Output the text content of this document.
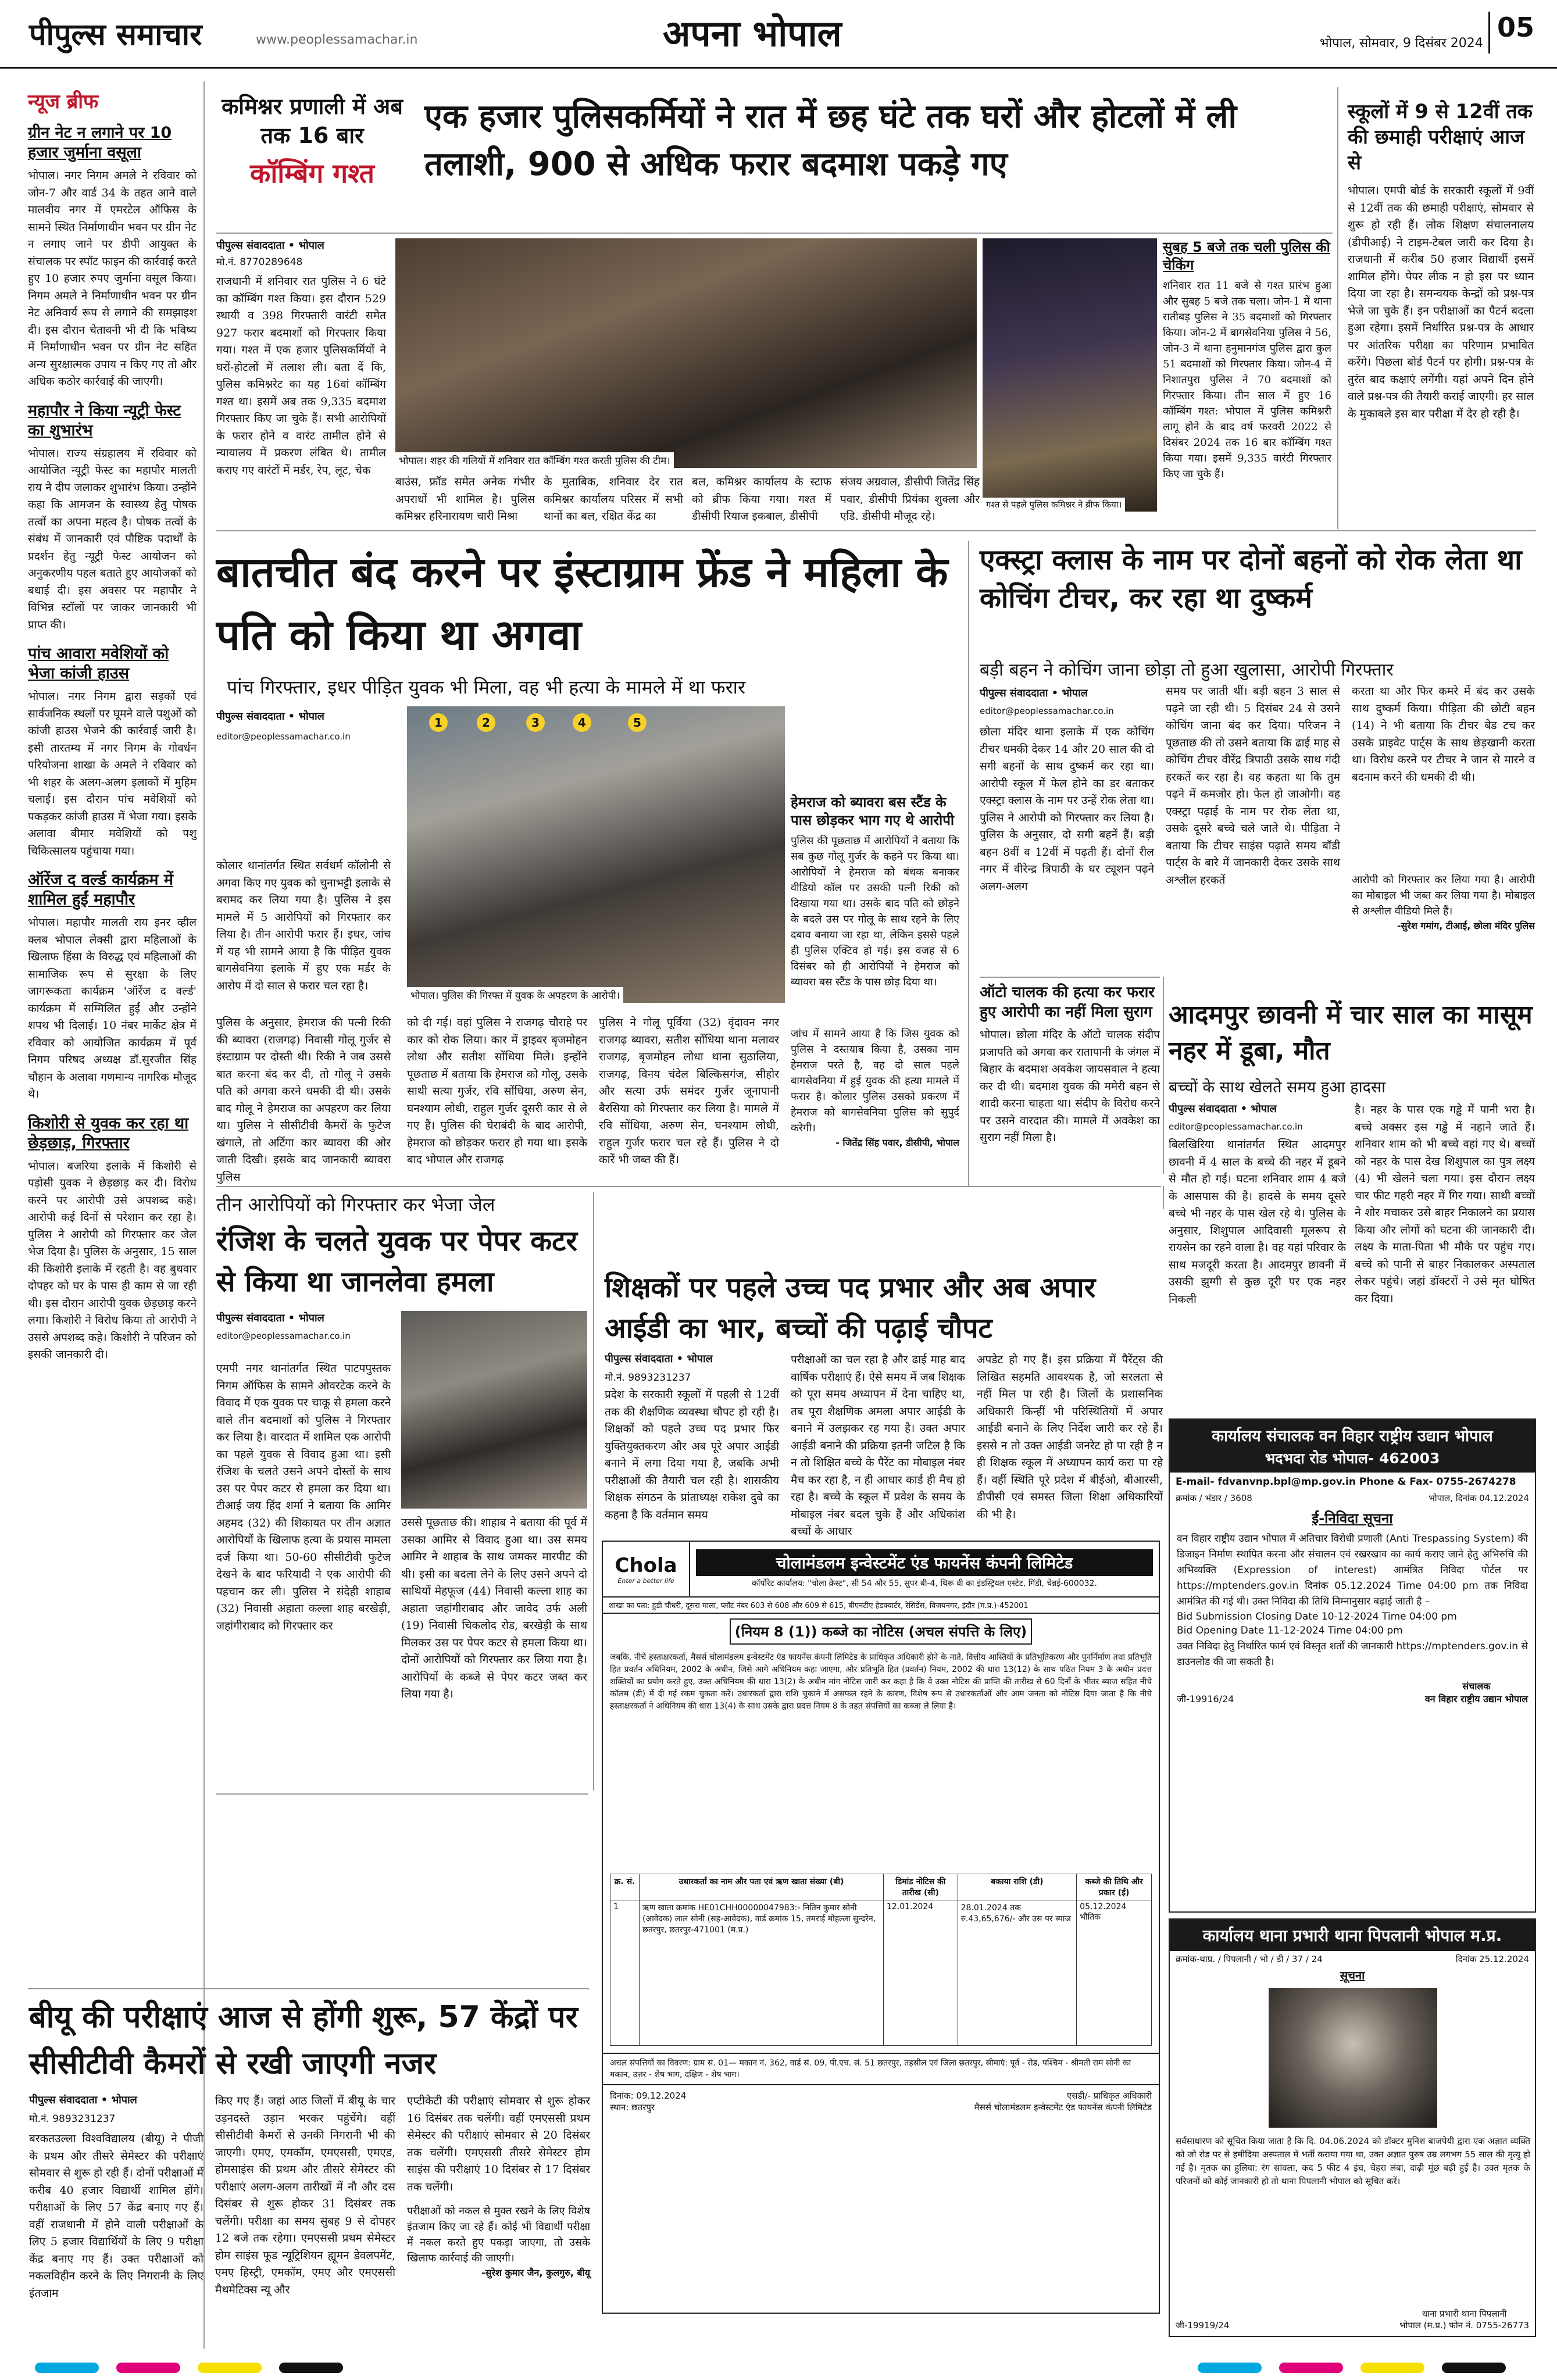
पीपुल्स समाचार	www.peoplessamachar.in	अपना भोपाल	भोपाल, सोमवार, 9 दिसंबर 2024
05
न्यूज ब्रीफ
ग्रीन नेट न लगाने पर 10 हजार जुर्माना वसूला
भोपाल। नगर निगम अमले ने रविवार को जोन-7 और वार्ड 34 के तहत आने वाले मालवीय नगर में एमरटेल ऑफिस के सामने स्थित निर्माणाधीन भवन पर ग्रीन नेट न लगाए जाने पर डीपी आयुक्त के संचालक पर स्पॉट फाइन की कार्रवाई करते हुए 10 हजार रुपए जुर्माना वसूल किया। निगम अमले ने निर्माणाधीन भवन पर ग्रीन नेट अनिवार्य रूप से लगाने की समझाइश दी। इस दौरान चेतावनी भी दी कि भविष्य में निर्माणाधीन भवन पर ग्रीन नेट सहित अन्य सुरक्षात्मक उपाय न किए गए तो और अधिक कठोर कार्रवाई की जाएगी।
महापौर ने किया न्यूट्री फेस्ट का शुभारंभ
भोपाल। राज्य संग्रहालय में रविवार को आयोजित न्यूट्री फेस्ट का महापौर मालती राय ने दीप जलाकर शुभारंभ किया। उन्होंने कहा कि आमजन के स्वास्थ्य हेतु पोषक तत्वों का अपना महत्व है। पोषक तत्वों के संबंध में जानकारी एवं पौष्टिक पदार्थों के प्रदर्शन हेतु न्यूट्री फेस्ट आयोजन को अनुकरणीय पहल बताते हुए आयोजकों को बधाई दी। इस अवसर पर महापौर ने विभिन्न स्टॉलों पर जाकर जानकारी भी प्राप्त की।
पांच आवारा मवेशियों को भेजा कांजी हाउस
भोपाल। नगर निगम द्वारा सड़कों एवं सार्वजनिक स्थलों पर घूमने वाले पशुओं को कांजी हाउस भेजने की कार्रवाई जारी है। इसी तारतम्य में नगर निगम के गोवर्धन परियोजना शाखा के अमले ने रविवार को भी शहर के अलग-अलग इलाकों में मुहिम चलाई। इस दौरान पांच मवेशियों को पकड़कर कांजी हाउस में भेजा गया। इसके अलावा बीमार मवेशियों को पशु चिकित्सालय पहुंचाया गया।
ऑरेंज द वर्ल्ड कार्यक्रम में शामिल हुईं महापौर
भोपाल। महापौर मालती राय इनर व्हील क्लब भोपाल लेक्सी द्वारा महिलाओं के खिलाफ हिंसा के विरुद्ध एवं महिलाओं की सामाजिक रूप से सुरक्षा के लिए जागरूकता कार्यक्रम 'ऑरेंज द वर्ल्ड' कार्यक्रम में सम्मिलित हुईं और उन्होंने शपथ भी दिलाई। 10 नंबर मार्केट क्षेत्र में रविवार को आयोजित कार्यक्रम में पूर्व निगम परिषद अध्यक्ष डॉ.सुरजीत सिंह चौहान के अलावा गणमान्य नागरिक मौजूद थे।
किशोरी से युवक कर रहा था छेड़छाड़, गिरफ्तार
भोपाल। बजरिया इलाके में किशोरी से पड़ोसी युवक ने छेड़छाड़ कर दी। विरोध करने पर आरोपी उसे अपशब्द कहे। आरोपी कई दिनों से परेशान कर रहा है। पुलिस ने आरोपी को गिरफ्तार कर जेल भेज दिया है। पुलिस के अनुसार, 15 साल की किशोरी इलाके में रहती है। वह बुधवार दोपहर को घर के पास ही काम से जा रही थी। इस दौरान आरोपी युवक छेड़छाड़ करने लगा। किशोरी ने विरोध किया तो आरोपी ने उससे अपशब्द कहे। किशोरी ने परिजन को इसकी जानकारी दी।
कमिश्नर प्रणाली में अब तक 16 बार
कॉम्बिंग गश्त
एक हजार पुलिसकर्मियों ने रात में छह घंटे तक घरों और होटलों में ली तलाशी, 900 से अधिक फरार बदमाश पकड़े गए
पीपुल्स संवाददाता • भोपाल
मो.नं. 8770289648
राजधानी में शनिवार रात पुलिस ने 6 घंटे का कॉम्बिंग गश्त किया। इस दौरान 529 स्थायी व 398 गिरफ्तारी वारंटी समेत 927 फरार बदमाशों को गिरफ्तार किया गया। गश्त में एक हजार पुलिसकर्मियों ने घरों-होटलों में तलाश ली। बता दें कि, पुलिस कमिश्नरेट का यह 16वां कॉम्बिंग गश्त था। इसमें अब तक 9,335 बदमाश गिरफ्तार किए जा चुके हैं। सभी आरोपियों के फरार होने व वारंट तामील होने से न्यायालय में प्रकरण लंबित थे। तामील कराए गए वारंटों में मर्डर, रेप, लूट, चेक
भोपाल। शहर की गलियों में शनिवार रात कॉम्बिंग गश्त करती पुलिस की टीम।
गश्त से पहले पुलिस कमिश्नर ने ब्रीफ किया।
बाउंस, फ्रॉड समेत अनेक गंभीर अपराधों भी शामिल है। पुलिस कमिश्नर हरिनारायण चारी मिश्रा
के मुताबिक, शनिवार देर रात कमिश्नर कार्यालय परिसर में सभी थानों का बल, रक्षित केंद्र का
बल, कमिश्नर कार्यालय के स्टाफ को ब्रीफ किया गया। गश्त में डीसीपी रियाज इकबाल, डीसीपी
संजय अग्रवाल, डीसीपी जितेंद्र सिंह पवार, डीसीपी प्रियंका शुक्ला और एडि. डीसीपी मौजूद रहे।
सुबह 5 बजे तक चली पुलिस की चेकिंग
शनिवार रात 11 बजे से गश्त प्रारंभ हुआ और सुबह 5 बजे तक चला। जोन-1 में थाना रातीबड़ पुलिस ने 35 बदमाशों को गिरफ्तार किया। जोन-2 में बागसेवनिया पुलिस ने 56, जोन-3 में थाना हनुमानगंज पुलिस द्वारा कुल 51 बदमाशों को गिरफ्तार किया। जोन-4 में निशातपुरा पुलिस ने 70 बदमाशों को गिरफ्तार किया। तीन साल में हुए 16 कॉम्बिंग गश्त: भोपाल में पुलिस कमिश्नरी लागू होने के बाद वर्ष फरवरी 2022 से दिसंबर 2024 तक 16 बार कॉम्बिंग गश्त किया गया। इसमें 9,335 वारंटी गिरफ्तार किए जा चुके हैं।
स्कूलों में 9 से 12वीं तक की छमाही परीक्षाएं आज से
भोपाल। एमपी बोर्ड के सरकारी स्कूलों में 9वीं से 12वीं तक की छमाही परीक्षाएं, सोमवार से शुरू हो रही हैं। लोक शिक्षण संचालनालय (डीपीआई) ने टाइम-टेबल जारी कर दिया है। राजधानी में करीब 50 हजार विद्यार्थी इसमें शामिल होंगे। पेपर लीक न हो इस पर ध्यान दिया जा रहा है। समन्वयक केन्द्रों को प्रश्न-पत्र भेजे जा चुके हैं। इन परीक्षाओं का पैटर्न बदला हुआ रहेगा। इसमें निर्धारित प्रश्न-पत्र के आधार पर आंतरिक परीक्षा का परिणाम प्रभावित करेंगे। पिछला बोर्ड पैटर्न पर होगी। प्रश्न-पत्र के तुरंत बाद कक्षाएं लगेंगी। यहां अपने दिन होने वाले प्रश्न-पत्र की तैयारी कराई जाएगी। हर साल के मुकाबले इस बार परीक्षा में देर हो रही है।
बातचीत बंद करने पर इंस्टाग्राम फ्रेंड ने महिला के पति को किया था अगवा
पांच गिरफ्तार, इधर पीड़ित युवक भी मिला, वह भी हत्या के मामले में था फरार
पीपुल्स संवाददाता • भोपाल
editor@peoplessamachar.co.in
1	2	3	4	5
भोपाल। पुलिस की गिरफ्त में युवक के अपहरण के आरोपी।
हेमराज को ब्यावरा बस स्टैंड के पास छोड़कर भाग गए थे आरोपी
पुलिस की पूछताछ में आरोपियों ने बताया कि सब कुछ गोलू गुर्जर के कहने पर किया था। आरोपियों ने हेमराज को बंधक बनाकर वीडियो कॉल पर उसकी पत्नी रिकी को दिखाया गया था। उसके बाद पति को छोड़ने के बदले उस पर गोलू के साथ रहने के लिए दबाव बनाया जा रहा था, लेकिन इससे पहले ही पुलिस एक्टिव हो गई। इस वजह से 6 दिसंबर को ही आरोपियों ने हेमराज को ब्यावरा बस स्टैंड के पास छोड़ दिया था।
कोलार थानांतर्गत स्थित सर्वधर्म कॉलोनी से अगवा किए गए युवक को चुनाभट्टी इलाके से बरामद कर लिया गया है। पुलिस ने इस मामले में 5 आरोपियों को गिरफ्तार कर लिया है। तीन आरोपी फरार हैं। इधर, जांच में यह भी सामने आया है कि पीड़ित युवक बागसेवनिया इलाके में हुए एक मर्डर के आरोप में दो साल से फरार चल रहा है।
पुलिस के अनुसार, हेमराज की पत्नी रिकी की ब्यावरा (राजगढ़) निवासी गोलू गुर्जर से इंस्टाग्राम पर दोस्ती थी। रिकी ने जब उससे बात करना बंद कर दी, तो गोलू ने उसके पति को अगवा करने धमकी दी थी। उसके बाद गोलू ने हेमराज का अपहरण कर लिया था। पुलिस ने सीसीटीवी कैमरों के फुटेज खंगाले, तो अर्टिगा कार ब्यावरा की ओर जाती दिखी। इसके बाद जानकारी ब्यावरा पुलिस
को दी गई। वहां पुलिस ने राजगढ़ चौराहे पर कार को रोक लिया। कार में ड्राइवर बृजमोहन लोधा और सतीश सोंधिया मिले। इन्होंने पूछताछ में बताया कि हेमराज को गोलू, उसके साथी सत्या गुर्जर, रवि सोंधिया, अरुण सेन, घनश्याम लोधी, राहुल गुर्जर दूसरी कार से ले गए हैं। पुलिस की घेराबंदी के बाद आरोपी, हेमराज को छोड़कर फरार हो गया था। इसके बाद भोपाल और राजगढ़
पुलिस ने गोलू पूर्विया (32) वृंदावन नगर राजगढ़ ब्यावरा, सतीश सोंधिया थाना मलावर राजगढ़, बृजमोहन लोधा थाना सुठालिया, राजगढ़, विनय चंदेल बिल्किसगंज, सीहोर और सत्या उर्फ समंदर गुर्जर जूनापानी बैरसिया को गिरफ्तार कर लिया है। मामले में रवि सोंधिया, अरुण सेन, घनश्याम लोधी, राहुल गुर्जर फरार चल रहे हैं। पुलिस ने दो कारें भी जब्त की हैं।
जांच में सामने आया है कि जिस युवक को पुलिस ने दस्तयाब किया है, उसका नाम हेमराज परते है, वह दो साल पहले बागसेवनिया में हुई युवक की हत्या मामले में फरार है। कोलार पुलिस उसको प्रकरण में हेमराज को बागसेवनिया पुलिस को सुपुर्द करेगी।
- जितेंद्र सिंह पवार, डीसीपी, भोपाल
एक्स्ट्रा क्लास के नाम पर दोनों बहनों को रोक लेता था कोचिंग टीचर, कर रहा था दुष्कर्म
बड़ी बहन ने कोचिंग जाना छोड़ा तो हुआ खुलासा, आरोपी गिरफ्तार
पीपुल्स संवाददाता • भोपाल
editor@peoplessamachar.co.in
छोला मंदिर थाना इलाके में एक कोचिंग टीचर धमकी देकर 14 और 20 साल की दो सगी बहनों के साथ दुष्कर्म कर रहा था। आरोपी स्कूल में फेल होने का डर बताकर एक्स्ट्रा क्लास के नाम पर उन्हें रोक लेता था। पुलिस ने आरोपी को गिरफ्तार कर लिया है। पुलिस के अनुसार, दो सगी बहनें हैं। बड़ी बहन 8वीं व 12वीं में पढ़ती हैं। दोनों रील नगर में वीरेन्द्र त्रिपाठी के घर ट्यूशन पढ़ने अलग-अलग
समय पर जाती थीं। बड़ी बहन 3 साल से पढ़ने जा रही थी। 5 दिसंबर 24 से उसने कोचिंग जाना बंद कर दिया। परिजन ने पूछताछ की तो उसने बताया कि ढाई माह से कोचिंग टीचर वीरेंद्र त्रिपाठी उसके साथ गंदी हरकतें कर रहा है। वह कहता था कि तुम पढ़ने में कमजोर हो। फेल हो जाओगी। वह एक्स्ट्रा पढ़ाई के नाम पर रोक लेता था, उसके दूसरे बच्चे चले जाते थे। पीड़िता ने बताया कि टीचर साइंस पढ़ाते समय बॉडी पार्ट्स के बारे में जानकारी देकर उसके साथ अश्लील हरकतें
करता था और फिर कमरे में बंद कर उसके साथ दुष्कर्म किया। पीड़िता की छोटी बहन (14) ने भी बताया कि टीचर बेड टच कर उसके प्राइवेट पार्ट्स के साथ छेड़खानी करता था। विरोध करने पर टीचर ने जान से मारने व बदनाम करने की धमकी दी थी।
आरोपी को गिरफ्तार कर लिया गया है। आरोपी का मोबाइल भी जब्त कर लिया गया है। मोबाइल से अश्लील वीडियो मिले हैं।
-सुरेश गमांग, टीआई, छोला मंदिर पुलिस
ऑटो चालक की हत्या कर फरार हुए आरोपी का नहीं मिला सुराग
भोपाल। छोला मंदिर के ऑटो चालक संदीप प्रजापति को अगवा कर रातापानी के जंगल में बिहार के बदमाश अवकेश जायसवाल ने हत्या कर दी थी। बदमाश युवक की ममेरी बहन से शादी करना चाहता था। संदीप के विरोध करने पर उसने वारदात की। मामले में अवकेश का सुराग नहीं मिला है।
आदमपुर छावनी में चार साल का मासूम नहर में डूबा, मौत
बच्चों के साथ खेलते समय हुआ हादसा
पीपुल्स संवाददाता • भोपाल
editor@peoplessamachar.co.in
बिलखिरिया थानांतर्गत स्थित आदमपुर छावनी में 4 साल के बच्चे की नहर में डूबने से मौत हो गई। घटना शनिवार शाम 4 बजे के आसपास की है। हादसे के समय दूसरे बच्चे भी नहर के पास खेल रहे थे। पुलिस के अनुसार, शिशुपाल आदिवासी मूलरूप से रायसेन का रहने वाला है। वह यहां परिवार के साथ मजदूरी करता है। आदमपुर छावनी में उसकी झुग्गी से कुछ दूरी पर एक नहर निकली
है। नहर के पास एक गड्ढे में पानी भरा है। बच्चे अक्सर इस गड्ढे में नहाने जाते हैं। शनिवार शाम को भी बच्चे वहां गए थे। बच्चों को नहर के पास देख शिशुपाल का पुत्र लक्ष्य (4) भी खेलने चला गया। इस दौरान लक्ष्य चार फीट गहरी नहर में गिर गया। साथी बच्चों ने शोर मचाकर उसे बाहर निकालने का प्रयास किया और लोगों को घटना की जानकारी दी। लक्ष्य के माता-पिता भी मौके पर पहुंच गए। बच्चे को पानी से बाहर निकालकर अस्पताल लेकर पहुंचे। जहां डॉक्टरों ने उसे मृत घोषित कर दिया।
तीन आरोपियों को गिरफ्तार कर भेजा जेल
रंजिश के चलते युवक पर पेपर कटर से किया था जानलेवा हमला
पीपुल्स संवाददाता • भोपाल
editor@peoplessamachar.co.in
एमपी नगर थानांतर्गत स्थित पाटपपुस्तक निगम ऑफिस के सामने ओवरटेक करने के विवाद में एक युवक पर चाकू से हमला करने वाले तीन बदमाशों को पुलिस ने गिरफ्तार कर लिया है। वारदात में शामिल एक आरोपी का पहले युवक से विवाद हुआ था। इसी रंजिश के चलते उसने अपने दोस्तों के साथ उस पर पेपर कटर से हमला कर दिया था। टीआई जय हिंद शर्मा ने बताया कि आमिर अहमद (32) की शिकायत पर तीन अज्ञात आरोपियों के खिलाफ हत्या के प्रयास मामला दर्ज किया था। 50-60 सीसीटीवी फुटेज देखने के बाद फरियादी ने एक आरोपी की पहचान कर ली। पुलिस ने संदेही शाहाब (32) निवासी अहाता कल्ला शाह बरखेड़ी, जहांगीराबाद को गिरफ्तार कर
उससे पूछताछ की। शाहाब ने बताया की पूर्व में उसका आमिर से विवाद हुआ था। उस समय आमिर ने शाहाब के साथ जमकर मारपीट की थी। इसी का बदला लेने के लिए उसने अपने दो साथियों मेहफूज (44) निवासी कल्ला शाह का अहाता जहांगीराबाद और जावेद उर्फ अली (19) निवासी चिकलोद रोड, बरखेड़ी के साथ मिलकर उस पर पेपर कटर से हमला किया था। दोनों आरोपियों को गिरफ्तार कर लिया गया है। आरोपियों के कब्जे से पेपर कटर जब्त कर लिया गया है।
शिक्षकों पर पहले उच्च पद प्रभार और अब अपार आईडी का भार, बच्चों की पढ़ाई चौपट
पीपुल्स संवाददाता • भोपाल
मो.नं. 9893231237
प्रदेश के सरकारी स्कूलों में पहली से 12वीं तक की शैक्षणिक व्यवस्था चौपट हो रही है। शिक्षकों को पहले उच्च पद प्रभार फिर युक्तियुक्तकरण और अब पूरे अपार आईडी बनाने में लगा दिया गया है, जबकि अभी परीक्षाओं की तैयारी चल रही है। शासकीय शिक्षक संगठन के प्रांताध्यक्ष राकेश दुबे का कहना है कि वर्तमान समय
परीक्षाओं का चल रहा है और ढाई माह बाद वार्षिक परीक्षाएं हैं। ऐसे समय में जब शिक्षक को पूरा समय अध्यापन में देना चाहिए था, तब पूरा शैक्षणिक अमला अपार आईडी के बनाने में उलझकर रह गया है। उक्त अपार आईडी बनाने की प्रक्रिया इतनी जटिल है कि न तो शिक्षित बच्चे के पैरेंट का मोबाइल नंबर मैच कर रहा है, न ही आधार कार्ड ही मैच हो रहा है। बच्चे के स्कूल में प्रवेश के समय के मोबाइल नंबर बदल चुके हैं और अधिकांश बच्चों के आधार
अपडेट हो गए हैं। इस प्रक्रिया में पैरेंट्स की लिखित सहमति आवश्यक है, जो सरलता से नहीं मिल पा रही है। जिलों के प्रशासनिक अधिकारी किन्हीं भी परिस्थितियों में अपार आईडी बनाने के लिए निर्देश जारी कर रहे हैं। इससे न तो उक्त आईडी जनरेट हो पा रही है न ही शिक्षक स्कूल में अध्यापन कार्य करा पा रहे हैं। वहीं स्थिति पूरे प्रदेश में बीईओ, बीआरसी, डीपीसी एवं समस्त जिला शिक्षा अधिकारियों की भी है।
Chola
Enter a better life
चोलामंडलम इन्वेस्टमेंट एंड फायनेंस कंपनी लिमिटेड
कॉर्पोरेट कार्यालय: "चोला क्रेस्ट", सी 54 और 55, सुपर बी-4, थिरू वी का इंडस्ट्रियल एस्टेट, गिंडी, चेन्नई-600032.
शाखा का पता: हुडी चौधरी, दूसरा माला, प्लॉट नंबर 603 से 608 और 609 से 615, बीएनटीए हेडक्वार्टर, रेसिडेंस, विजयनगर, इंदौर (म.प्र.)-452001
(नियम 8 (1)) कब्जे का नोटिस (अचल संपत्ति के लिए)
जबकि, नीचे हस्ताक्षरकर्ता, मैसर्स चोलामंडलम इन्वेस्टमेंट एंड फायनेंस कंपनी लिमिटेड के प्राधिकृत अधिकारी होने के नाते, वित्तीय आस्तियों के प्रतिभूतिकरण और पुनर्निर्माण तथा प्रतिभूति हित प्रवर्तन अधिनियम, 2002 के अधीन, जिसे आगे अधिनियम कहा जाएगा, और प्रतिभूति हित (प्रवर्तन) नियम, 2002 की धारा 13(12) के साथ पठित नियम 3 के अधीन प्रदत्त शक्तियों का प्रयोग करते हुए, उक्त अधिनियम की धारा 13(2) के अधीन मांग नोटिस जारी कर कहा है कि वे उक्त नोटिस की प्राप्ति की तारीख से 60 दिनों के भीतर ब्याज सहित नीचे कॉलम (डी) में दी गई रकम चुकता करें। उधारकर्ता द्वारा राशि चुकाने में असफल रहने के कारण, विशेष रूप से उधारकर्ताओं और आम जनता को नोटिस दिया जाता है कि नीचे हस्ताक्षरकर्ता ने अधिनियम की धारा 13(4) के साथ उसके द्वारा प्रदत्त नियम 8 के तहत संपत्तियों का कब्जा ले लिया है।
क्र. सं.	उधारकर्ता का नाम और पता एवं ऋण खाता संख्या (बी)	डिमांड नोटिस की तारीख (सी)	बकाया राशि (डी)	कब्जे की तिथि और प्रकार (ई)
1	ऋण खाता क्रमांक HE01CHH00000047983:- नितिन कुमार सोनी (आवेदक) लाल सोनी (सह-आवेदक), वार्ड क्रमांक 15, तमराई मोहल्ला सुन्दरेन, छतरपुर, छतरपुर-471001 (म.प्र.)	12.01.2024	28.01.2024 तक रु.43,65,676/- और उस पर ब्याज	05.12.2024 भौतिक
अचल संपत्तियों का विवरण: ग्राम सं. 01— मकान नं. 362, वार्ड सं. 09, पी.एच. सं. 51 छतरपुर, तहसील एवं जिला छतरपुर, सीमाएं: पूर्व - रोड, पश्चिम - श्रीमती राम सोनी का मकान, उत्तर - शेष भाग, दक्षिण - शेष भाग।
दिनांक: 09.12.2024
स्थान: छतरपुर
एसडी/- प्राधिकृत अधिकारी
मैसर्स चोलामंडलम इन्वेस्टमेंट एंड फायनेंस कंपनी लिमिटेड
कार्यालय संचालक वन विहार राष्ट्रीय उद्यान भोपाल
भदभदा रोड भोपाल- 462003
E-mail- fdvanvnp.bpl@mp.gov.in Phone & Fax- 0755-2674278
क्रमांक / भंडार / 3608	भोपाल, दिनांक 04.12.2024
ई-निविदा सूचना
वन विहार राष्ट्रीय उद्यान भोपाल में अतिचार विरोधी प्रणाली (Anti Trespassing System) की डिजाइन निर्माण स्थापित करना और संचालन एवं रखरखाव का कार्य कराए जाने हेतु अभिरुचि की अभिव्यक्ति (Expression of interest) आमंत्रित निविदा पोर्टल पर https://mptenders.gov.in दिनांक 05.12.2024 Time 04:00 pm तक निविदा आमंत्रित की गई थी। उक्त निविदा की तिथि निम्नानुसार बढ़ाई जाती है –
Bid Submission Closing Date 10-12-2024 Time 04:00 pm
Bid Opening Date 11-12-2024 Time 04:00 pm
उक्त निविदा हेतु निर्धारित फार्म एवं विस्तृत शर्तों की जानकारी https://mptenders.gov.in से डाउनलोड की जा सकती है।
जी-19916/24
संचालक
वन विहार राष्ट्रीय उद्यान भोपाल
कार्यालय थाना प्रभारी थाना पिपलानी भोपाल म.प्र.
क्रमांक-थाप्र. / पिपलानी / भो / डी / 37 / 24	दिनांक 25.12.2024
सूचना
सर्वसाधारण को सूचित किया जाता है कि दि. 04.06.2024 को डॉक्टर मुनिश बाजपेयी द्वारा एक अज्ञात व्यक्ति को जो रोड पर से हमीदिया अस्पताल में भर्ती कराया गया था, उक्त अज्ञात पुरुष उम्र लगभग 55 साल की मृत्यु हो गई है। मृतक का हुलिया: रंग सांवला, कद 5 फीट 4 इंच, चेहरा लंबा, दाढ़ी मूंछ बढ़ी हुई है। उक्त मृतक के परिजनों को कोई जानकारी हो तो थाना पिपलानी भोपाल को सूचित करें।
जी-19919/24
थाना प्रभारी थाना पिपलानी
भोपाल (म.प्र.) फोन नं. 0755-26773
बीयू की परीक्षाएं आज से होंगी शुरू, 57 केंद्रों पर सीसीटीवी कैमरों से रखी जाएगी नजर
पीपुल्स संवाददाता • भोपाल
मो.नं. 9893231237
बरकतउल्ला विश्वविद्यालय (बीयू) ने पीजी के प्रथम और तीसरे सेमेस्टर की परीक्षाएं सोमवार से शुरू हो रही हैं। दोनों परीक्षाओं में करीब 40 हजार विद्यार्थी शामिल होंगे। परीक्षाओं के लिए 57 केंद्र बनाए गए हैं। वहीं राजधानी में होने वाली परीक्षाओं के लिए 5 हजार विद्यार्थियों के लिए 9 परीक्षा केंद्र बनाए गए हैं। उक्त परीक्षाओं को नकलविहीन करने के लिए निगरानी के लिए इंतजाम
किए गए हैं। जहां आठ जिलों में बीयू के चार उड़नदस्ते उड़ान भरकर पहुंचेंगे। वहीं सीसीटीवी कैमरों से उनकी निगरानी भी की जाएगी। एमए, एमकॉम, एमएससी, एमएड, होमसाइंस की प्रथम और तीसरे सेमेस्टर की परीक्षाएं अलग-अलग तारीखों में नौ और दस दिसंबर से शुरू होकर 31 दिसंबर तक चलेंगी। परीक्षा का समय सुबह 9 से दोपहर 12 बजे तक रहेगा। एमएससी प्रथम सेमेस्टर होम साइंस फूड न्यूट्रिशियन ह्यूमन डेवलपमेंट, एमए हिस्ट्री, एमकॉम, एमए और एमएससी मैथमेटिक्स न्यू और
एप्टीकेटी की परीक्षाएं सोमवार से शुरू होकर 16 दिसंबर तक चलेंगी। वहीं एमएससी प्रथम सेमेस्टर की परीक्षाएं सोमवार से 20 दिसंबर तक चलेंगी। एमएससी तीसरे सेमेस्टर होम साइंस की परीक्षाएं 10 दिसंबर से 17 दिसंबर तक चलेंगी।
परीक्षाओं को नकल से मुक्त रखने के लिए विशेष इंतजाम किए जा रहे हैं। कोई भी विद्यार्थी परीक्षा में नकल करते हुए पकड़ा जाएगा, तो उसके खिलाफ कार्रवाई की जाएगी।
-सुरेश कुमार जैन, कुलगुरु, बीयू
